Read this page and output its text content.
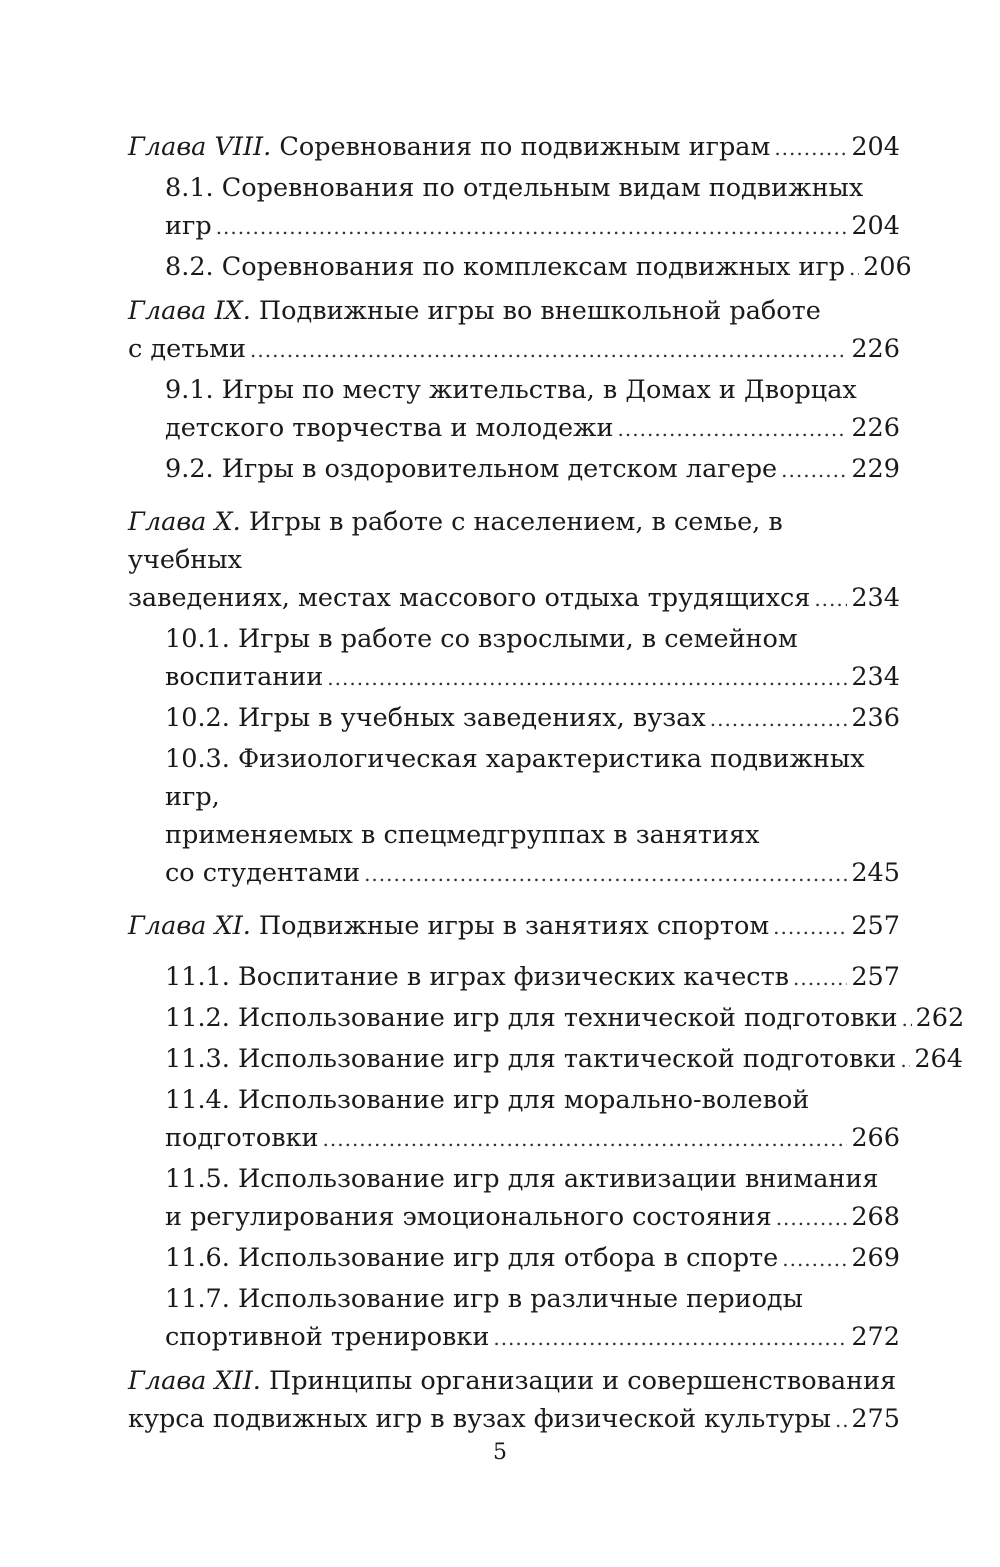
Глава VIII. Соревнования по подвижным играм .....	204
8.1. Соревнования по отдельным видам подвижных
игр .....	204
8.2. Соревнования по комплексам подвижных игр ..... 206
Глава IX. Подвижные игры во внешкольной работе
с детьми .....	226
9.1. Игры по месту жительства, в Домах и Дворцах
детского творчества и молодежи .....	226
9.2. Игры в оздоровительном детском лагере .....	229
Глава X. Игры в работе с населением, в семье, в учебных
заведениях, местах массового отдыха трудящихся ..... 234
10.1. Игры в работе со взрослыми, в семейном
воспитании .....	234
10.2. Игры в учебных заведениях, вузах .....	236
10.3. Физиологическая характеристика подвижных игр,
применяемых в спецмедгруппах в занятиях
со студентами .....	245
Глава XI. Подвижные игры в занятиях спортом .....	257
11.1. Воспитание в играх физических качеств ..... 257
11.2. Использование игр для технической подготовки ..... 262
11.3. Использование игр для тактической подготовки ..... 264
11.4. Использование игр для морально-волевой
подготовки .....	266
11.5. Использование игр для активизации внимания
и регулирования эмоционального состояния .....	268
11.6. Использование игр для отбора в спорте .....	269
11.7. Использование игр в различные периоды
спортивной тренировки .....	272
Глава XII. Принципы организации и совершенствования
курса подвижных игр в вузах физической культуры ..... 275
5
